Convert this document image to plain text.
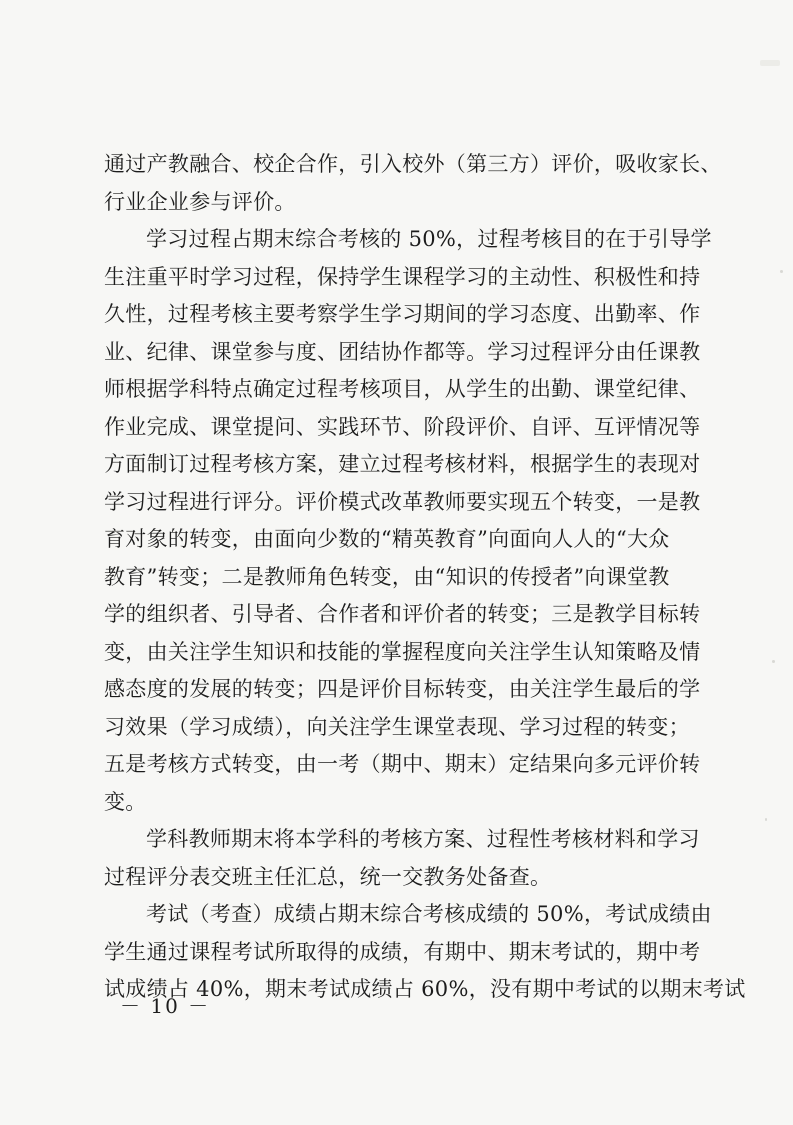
通过产教融合、校企合作，引入校外（第三方）评价，吸收家长、
行业企业参与评价。
学习过程占期末综合考核的 50%，过程考核目的在于引导学
生注重平时学习过程，保持学生课程学习的主动性、积极性和持
久性，过程考核主要考察学生学习期间的学习态度、出勤率、作
业、纪律、课堂参与度、团结协作都等。学习过程评分由任课教
师根据学科特点确定过程考核项目，从学生的出勤、课堂纪律、
作业完成、课堂提问、实践环节、阶段评价、自评、互评情况等
方面制订过程考核方案，建立过程考核材料，根据学生的表现对
学习过程进行评分。评价模式改革教师要实现五个转变，一是教
育对象的转变，由面向少数的“精英教育”向面向人人的“大众
教育”转变；二是教师角色转变，由“知识的传授者”向课堂教
学的组织者、引导者、合作者和评价者的转变；三是教学目标转
变，由关注学生知识和技能的掌握程度向关注学生认知策略及情
感态度的发展的转变；四是评价目标转变，由关注学生最后的学
习效果（学习成绩），向关注学生课堂表现、学习过程的转变；
五是考核方式转变，由一考（期中、期末）定结果向多元评价转
变。
学科教师期末将本学科的考核方案、过程性考核材料和学习
过程评分表交班主任汇总，统一交教务处备查。
考试（考查）成绩占期末综合考核成绩的 50%，考试成绩由
学生通过课程考试所取得的成绩，有期中、期末考试的，期中考
试成绩占 40%，期末考试成绩占 60%，没有期中考试的以期末考试
－ 10 －
